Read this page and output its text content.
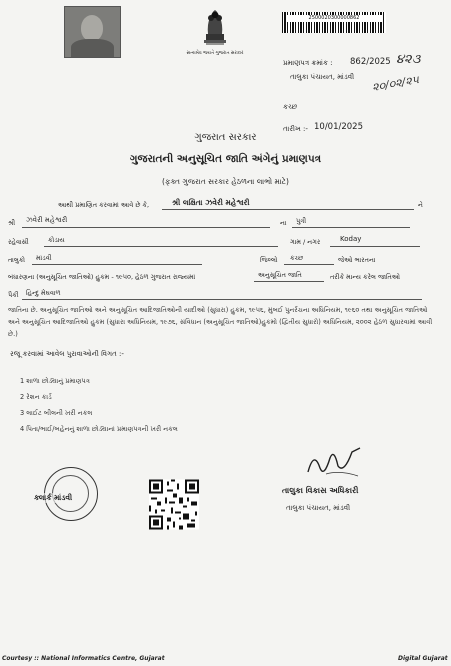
સત્યમેવ જયતે ગુજરાત સરકાર
2500020300000862
પ્રમાણપત્ર ક્રમાંક : 862/2025 ૪૨૩
તાલુકા પંચાયત, માંડવી ૨૦/૦૨/૨૫
કચ્છ
તારીખ :- 10/01/2025
ગુજરાત સરકાર
ગુજરાતની અનુસૂચિત જાતિ અંગેનું પ્રમાણપત્ર
(ફક્ત ગુજરાત સરકાર હેઠળના લાભો માટે)
આથી પ્રમાણિત કરવામાં આવે છે કે,	શ્રી લક્ષિતા ઝવેરી મહેશ્વરી	ને
શ્રી ઝવેરી મહેશ્વરી	ના પુત્રી
રહેવાસી	કોડાય	ગામ / નગર	Koday
તાલુકો માંડવી	જિલ્લો કચ્છ	જેઓ ભારતના
બંધારણના (અનુસૂચિત જાતિઓ) હુકમ - ૧૯૫૦, હેઠળ ગુજરાત રાજ્યમાં	અનુસૂચિત જાતિ	તરીકે માન્ય કરેલ જાતિઓ
પૈકી હિન્દુ મેઘવાળ
જાતિના છે. અનુસૂચિત જાતિઓ અને અનુસૂચિત આદિજાતિઓની યાદીઓ (સુધારા) હુકમ, ૧૯૫૬, મુંબઈ પુનર્રચના અધિનિયમ, ૧૯૬૦ તથા અનુસૂચિત જાતિઓ અને અનુસૂચિત આદિજાતિઓ હુકમ (સુધારા અધિનિયમ, ૧૯૭૬, સંવિધાન (અનુસૂચિત જાતિઓ)હુકમો (દ્વિતીય સુધારો) અધિનિયમ, ૨૦૦૨ હેઠળ સુધારવામાં આવી છે.)
રજૂ કરવામાં આવેલ પુરાવાઓની વિગત :-
1 શાળા છોડ્યાનું પ્રમાણપત્ર
2 રેશન કાર્ડ
3 લાઈટ બીલની ખરી નકલ
4 પિતા/ભાઈ/બહેનનું શાળા છોડ્યાનાં પ્રમાણપત્રની ખરી નકલ
ક્લાર્ક માંડવી
તાલુકા વિકાસ અધિકારી
તાલુકા પંચાયત, માંડવી
Courtesy :: National Informatics Centre, Gujarat	Digital Gujarat
